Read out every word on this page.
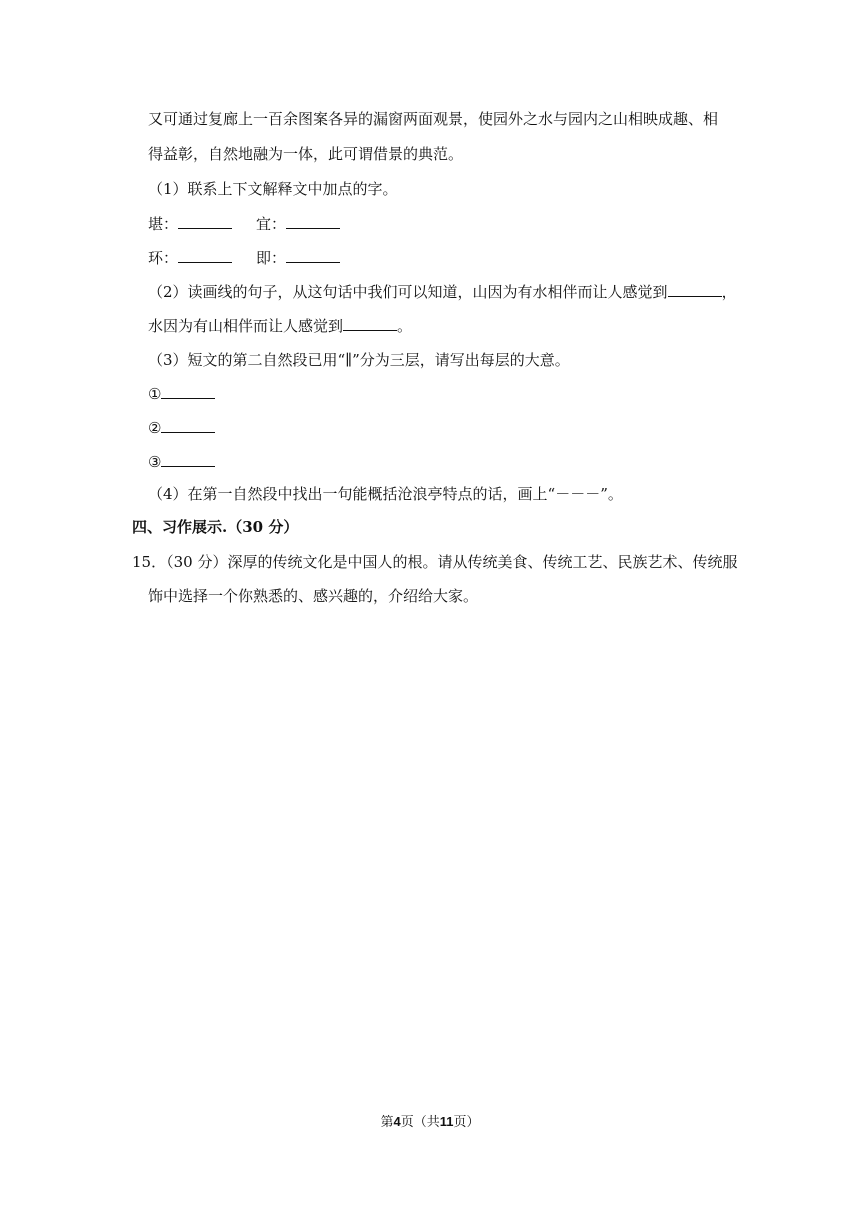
又可通过复廊上一百余图案各异的漏窗两面观景，使园外之水与园内之山相映成趣、相
得益彰，自然地融为一体，此可谓借景的典范。
（1）联系上下文解释文中加点的字。
堪：	宜：
环：	即：
（2）读画线的句子，从这句话中我们可以知道，山因为有水相伴而让人感觉到	，
水因为有山相伴而让人感觉到	。
（3）短文的第二自然段已用“∥”分为三层，请写出每层的大意。
①
②
③
（4）在第一自然段中找出一句能概括沧浪亭特点的话，画上“－－－”。
四、习作展示.（30 分）
15．（30 分）深厚的传统文化是中国人的根。请从传统美食、传统工艺、民族艺术、传统服
饰中选择一个你熟悉的、感兴趣的，介绍给大家。
第4页（共11页）
